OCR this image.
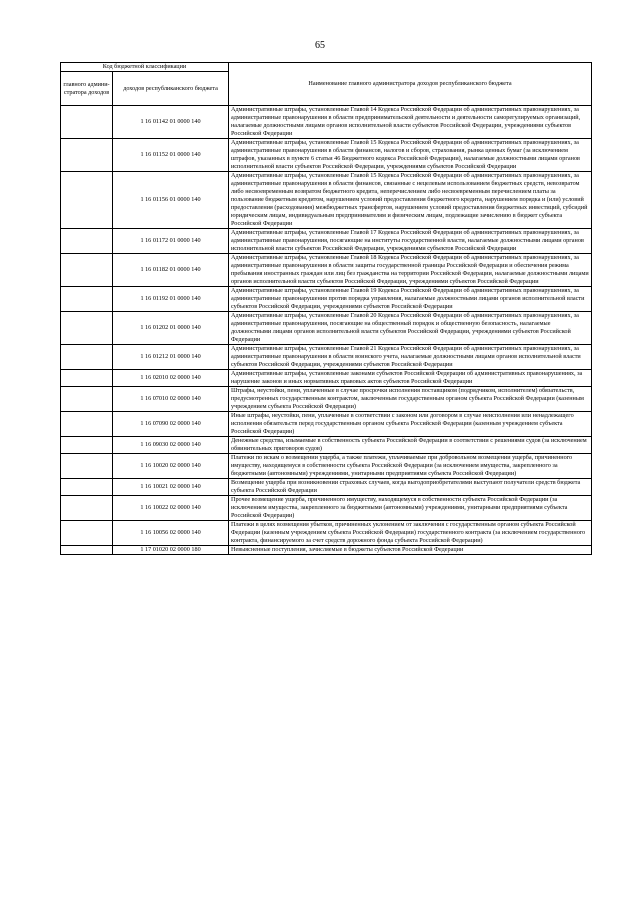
65
Код бюджетной классификации		Наименование главного администратора доходов республиканского бюджета
главного админи-стратора доходов	доходов республиканского бюджета	
	1 16 01142 01 0000 140	Административные штрафы, установленные Главой 14 Кодекса Российской Федерации об административных правонарушениях, за административные правонарушения в области предпринимательской деятельности и деятельности саморегулируемых организаций, налагаемые должностными лицами органов исполнительной власти субъектов Российской Федерации, учреждениями субъектов Российской Федерации
	1 16 01152 01 0000 140	Административные штрафы, установленные Главой 15 Кодекса Российской Федерации об административных правонарушениях, за административные правонарушения в области финансов, налогов и сборов, страхования, рынка ценных бумаг (за исключением штрафов, указанных в пункте 6 статьи 46 Бюджетного кодекса Российской Федерации), налагаемые должностными лицами органов исполнительной власти субъектов Российской Федерации, учреждениями субъектов Российской Федерации
	1 16 01156 01 0000 140	Административные штрафы, установленные Главой 15 Кодекса Российской Федерации об административных правонарушениях, за административные правонарушения в области финансов, связанные с нецелевым использованием бюджетных средств, невозвратом либо несвоевременным возвратом бюджетного кредита, неперечислением либо несвоевременным перечислением платы за пользование бюджетным кредитом, нарушением условий предоставления бюджетного кредита, нарушением порядка и (или) условий предоставления (расходования) межбюджетных трансфертов, нарушением условий предоставления бюджетных инвестиций, субсидий юридическим лицам, индивидуальным предпринимателям и физическим лицам, подлежащие зачислению в бюджет субъекта Российской Федерации
	1 16 01172 01 0000 140	Административные штрафы, установленные Главой 17 Кодекса Российской Федерации об административных правонарушениях, за административные правонарушения, посягающие на институты государственной власти, налагаемые должностными лицами органов исполнительной власти субъектов Российской Федерации, учреждениями субъектов Российской Федерации
	1 16 01182 01 0000 140	Административные штрафы, установленные Главой 18 Кодекса Российской Федерации об административных правонарушениях, за административные правонарушения в области защиты государственной границы Российской Федерации и обеспечения режима пребывания иностранных граждан или лиц без гражданства на территории Российской Федерации, налагаемые должностными лицами органов исполнительной власти субъектов Российской Федерации, учреждениями субъектов Российской Федерации
	1 16 01192 01 0000 140	Административные штрафы, установленные Главой 19 Кодекса Российской Федерации об административных правонарушениях, за административные правонарушения против порядка управления, налагаемые должностными лицами органов исполнительной власти субъектов Российской Федерации, учреждениями субъектов Российской Федерации
	1 16 01202 01 0000 140	Административные штрафы, установленные Главой 20 Кодекса Российской Федерации об административных правонарушениях, за административные правонарушения, посягающие на общественный порядок и общественную безопасность, налагаемые должностными лицами органов исполнительной власти субъектов Российской Федерации, учреждениями субъектов Российской Федерации
	1 16 01212 01 0000 140	Административные штрафы, установленные Главой 21 Кодекса Российской Федерации об административных правонарушениях, за административные правонарушения в области воинского учета, налагаемые должностными лицами органов исполнительной власти субъектов Российской Федерации, учреждениями субъектов Российской Федерации
	1 16 02010 02 0000 140	Административные штрафы, установленные законами субъектов Российской Федерации об административных правонарушениях, за нарушение законов и иных нормативных правовых актов субъектов Российской Федерации
	1 16 07010 02 0000 140	Штрафы, неустойки, пени, уплаченные в случае просрочки исполнения поставщиком (подрядчиком, исполнителем) обязательств, предусмотренных государственным контрактом, заключенным государственным органом субъекта Российской Федерации (казенным учреждением субъекта Российской Федерации)
	1 16 07090 02 0000 140	Иные штрафы, неустойки, пени, уплаченные в соответствии с законом или договором в случае неисполнения или ненадлежащего исполнения обязательств перед государственным органом субъекта Российской Федерации (казенным учреждением субъекта Российской Федерации)
	1 16 09030 02 0000 140	Денежные средства, изымаемые в собственность субъекта Российской Федерации в соответствии с решениями судов (за исключением обвинительных приговоров судов)
	1 16 10020 02 0000 140	Платежи по искам о возмещении ущерба, а также платежи, уплачиваемые при добровольном возмещении ущерба, причиненного имуществу, находящемуся в собственности субъекта Российской Федерации (за исключением имущества, закрепленного за бюджетными (автономными) учреждениями, унитарными предприятиями субъекта Российской Федерации)
	1 16 10021 02 0000 140	Возмещение ущерба при возникновении страховых случаев, когда выгодоприобретателями выступают получатели средств бюджета субъекта Российской Федерации
	1 16 10022 02 0000 140	Прочее возмещение ущерба, причиненного имуществу, находящемуся в собственности субъекта Российской Федерации (за исключением имущества, закрепленного за бюджетными (автономными) учреждениями, унитарными предприятиями субъекта Российской Федерации)
	1 16 10056 02 0000 140	Платежи в целях возмещения убытков, причиненных уклонением от заключения с государственным органом субъекта Российской Федерации (казенным учреждением субъекта Российской Федерации) государственного контракта (за исключением государственного контракта, финансируемого за счет средств дорожного фонда субъекта Российской Федерации)
	1 17 01020 02 0000 180	Невыясненные поступления, зачисляемые в бюджеты субъектов Российской Федерации
